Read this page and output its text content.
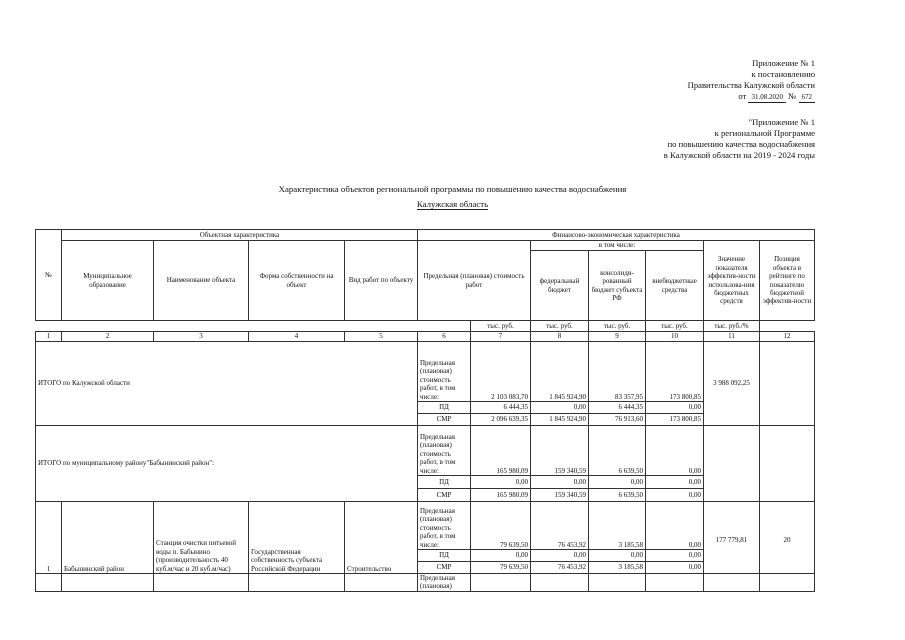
Приложение № 1
к постановлению
Правительства Калужской области
от 31.08.2020 № 672
"Приложение № 1
к региональной Программе
по повышению качества водоснабжения
в Калужской области на 2019 - 2024 годы
Характеристика объектов региональной программы по повышению качества водоснабжения
Калужская область
№	Объектная характеристика				Финансово-экономическая характеристика						
	Муниципальное образование	Наименование объекта	Форма собственности на объект	Вид работ по объекту	Предельная (плановая) стоимость работ		в том числе:			Значение показателя эффектив-ности использова-ния бюджетных средств	Позиция объекта в рейтинге по показателю бюджетной эффектив-ности
							федеральный бюджет	консолиди-рованный бюджет субъекта РФ	внебюджетные средства		
						тыс. руб.	тыс. руб.	тыс. руб.	тыс. руб.	тыс. руб./%	
1	2	3	4	5	6	7	8	9	10	11	12
ИТОГО по Калужской области					Предельная (плановая) стоимость работ, в том числе:	2 103 083,70	1 845 924,90	83 357,95	173 800,85	3 988 092,25	
					ПД	6 444,35	0,00	6 444,35	0,00		
					СМР	2 096 639,35	1 845 924,90	76 913,60	173 800,85		
ИТОГО по муниципальному району"Бабынинский район":					Предельная (плановая) стоимость работ, в том числе:	165 980,09	159 340,59	6 639,50	0,00		
					ПД	0,00	0,00	0,00	0,00		
					СМР	165 980,09	159 340,59	6 639,50	0,00		
1	Бабынинский район	Станция очистки питьевой воды п. Бабынино (производительность 40 куб.м/час и 20 куб.м/час)	Государственная собственность субъекта Российской Федерации	Строительство	Предельная (плановая) стоимость работ, в том числе:	79 639,50	76 453,92	3 185,58	0,00	177 779,81	20
					ПД	0,00	0,00	0,00	0,00		
					СМР	79 639,50	76 453,92	3 185,58	0,00		
					Предельная (плановая)						
